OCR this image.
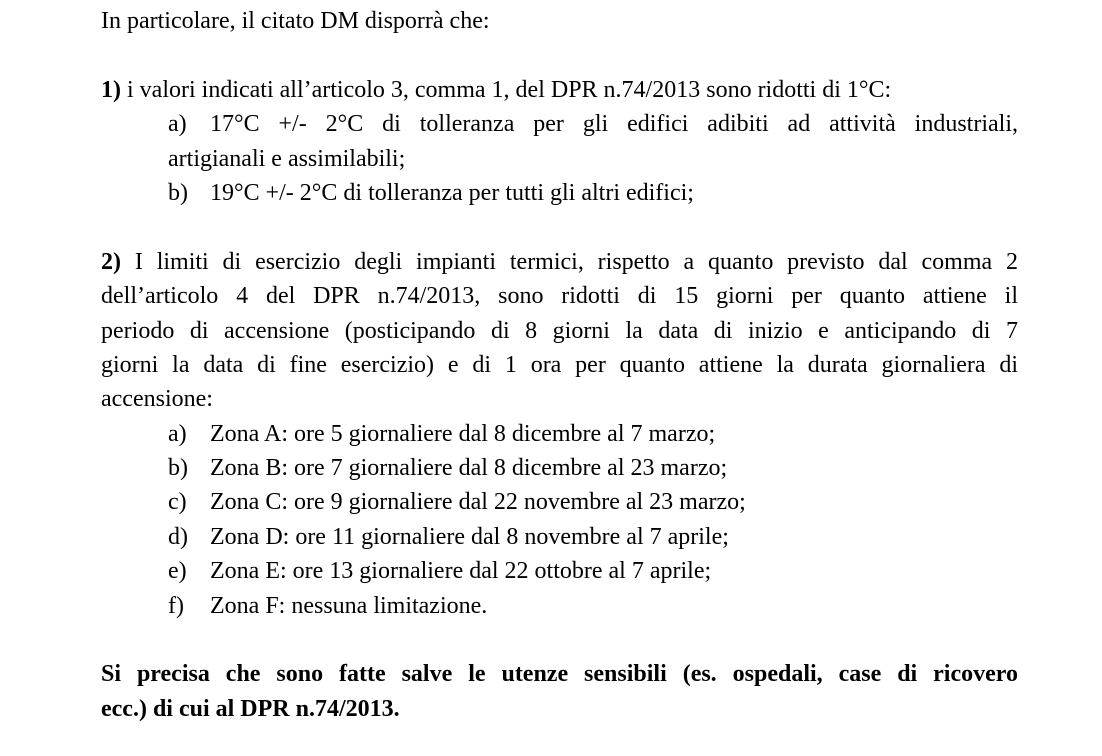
In particolare, il citato DM disporrà che:
1) i valori indicati all’articolo 3, comma 1, del DPR n.74/2013 sono ridotti di 1°C:
a) 17°C +/- 2°C di tolleranza per gli edifici adibiti ad attività industriali,
artigianali e assimilabili;
b) 19°C +/- 2°C di tolleranza per tutti gli altri edifici;
2) I limiti di esercizio degli impianti termici, rispetto a quanto previsto dal comma 2
dell’articolo 4 del DPR n.74/2013, sono ridotti di 15 giorni per quanto attiene il
periodo di accensione (posticipando di 8 giorni la data di inizio e anticipando di 7
giorni la data di fine esercizio) e di 1 ora per quanto attiene la durata giornaliera di
accensione:
a) Zona A: ore 5 giornaliere dal 8 dicembre al 7 marzo;
b) Zona B: ore 7 giornaliere dal 8 dicembre al 23 marzo;
c) Zona C: ore 9 giornaliere dal 22 novembre al 23 marzo;
d) Zona D: ore 11 giornaliere dal 8 novembre al 7 aprile;
e) Zona E: ore 13 giornaliere dal 22 ottobre al 7 aprile;
f) Zona F: nessuna limitazione.
Si precisa che sono fatte salve le utenze sensibili (es. ospedali, case di ricovero
ecc.) di cui al DPR n.74/2013.
